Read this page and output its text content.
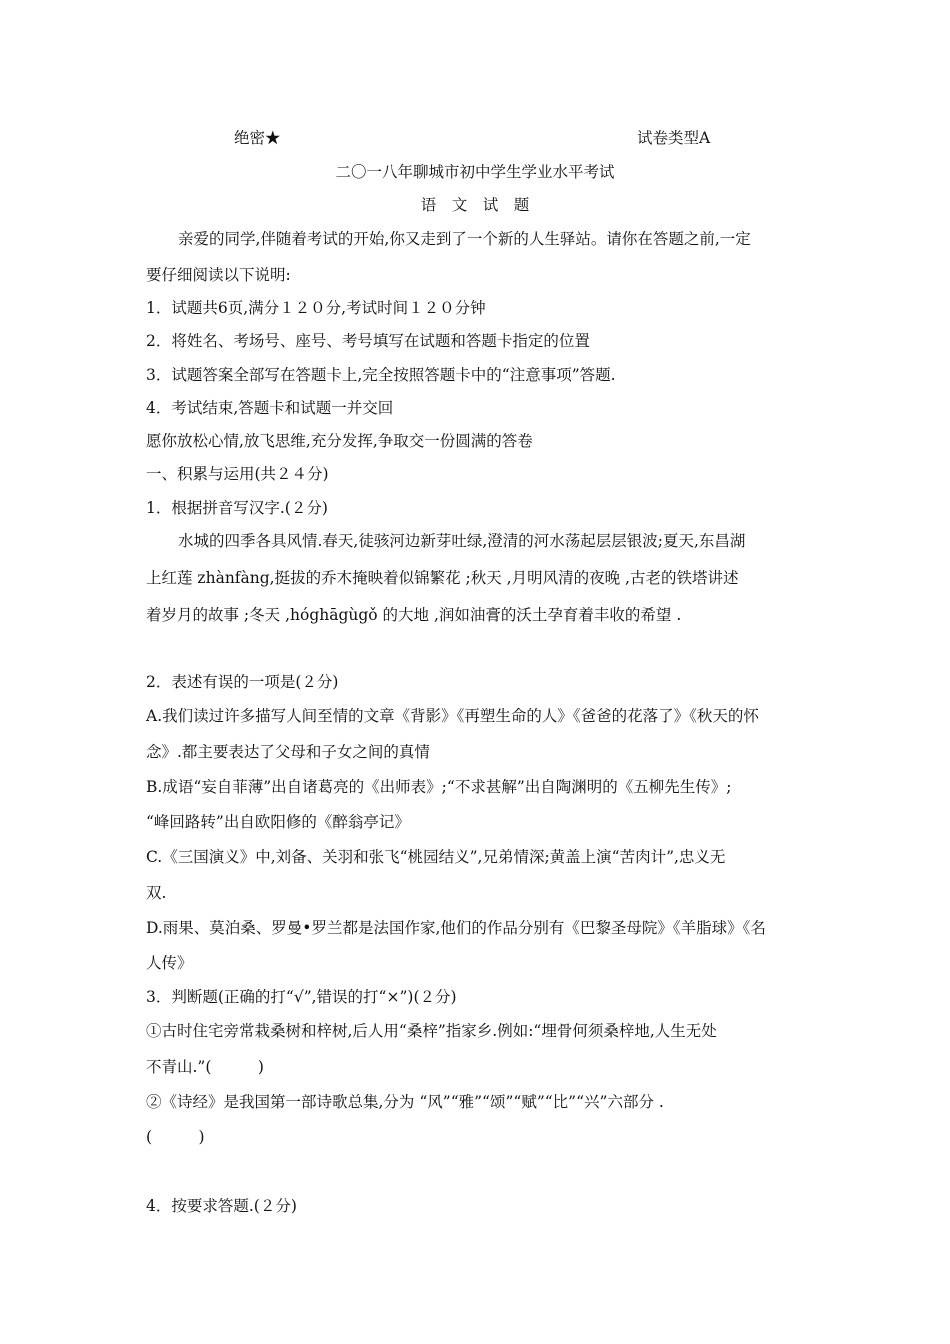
绝密★	试卷类型A
二〇一八年聊城市初中学生学业水平考试
语　文　试　题
亲爱的同学,伴随着考试的开始,你又走到了一个新的人生驿站。请你在答题之前,一定
要仔细阅读以下说明:
1．试题共6页,满分１２０分,考试时间１２０分钟
2．将姓名、考场号、座号、考号填写在试题和答题卡指定的位置
3．试题答案全部写在答题卡上,完全按照答题卡中的“注意事项”答题.
4．考试结束,答题卡和试题一并交回
愿你放松心情,放飞思维,充分发挥,争取交一份圆满的答卷
一、积累与运用(共２４分)
1．根据拼音写汉字.(２分)
水城的四季各具风情.春天,徒骇河边新芽吐绿,澄清的河水荡起层层银波;夏天,东昌湖
上红莲 zhànfàng,挺拔的乔木掩映着似锦繁花 ;秋天 ,月明风清的夜晚 ,古老的铁塔讲述
着岁月的故事 ;冬天 ,hóghāgùgǒ 的大地 ,润如油膏的沃土孕育着丰收的希望 .
2．表述有误的一项是(２分)
A.我们读过许多描写人间至情的文章《背影》《再塑生命的人》《爸爸的花落了》《秋天的怀
念》.都主要表达了父母和子女之间的真情
B.成语“妄自菲薄”出自诸葛亮的《出师表》;“不求甚解”出自陶渊明的《五柳先生传》;
“峰回路转”出自欧阳修的《醉翁亭记》
C.《三国演义》中,刘备、关羽和张飞“桃园结义”,兄弟情深;黄盖上演“苦肉计”,忠义无
双.
D.雨果、莫泊桑、罗曼•罗兰都是法国作家,他们的作品分别有《巴黎圣母院》《羊脂球》《名
人传》
3．判断题(正确的打“√”,错误的打“×”)(２分)
①古时住宅旁常栽桑树和梓树,后人用“桑梓”指家乡.例如:“埋骨何须桑梓地,人生无处
不青山.”(　　　)
②《诗经》是我国第一部诗歌总集,分为 “风”“雅”“颂”“赋”“比”“兴”六部分 .
(　　　)
4．按要求答题.(２分)
